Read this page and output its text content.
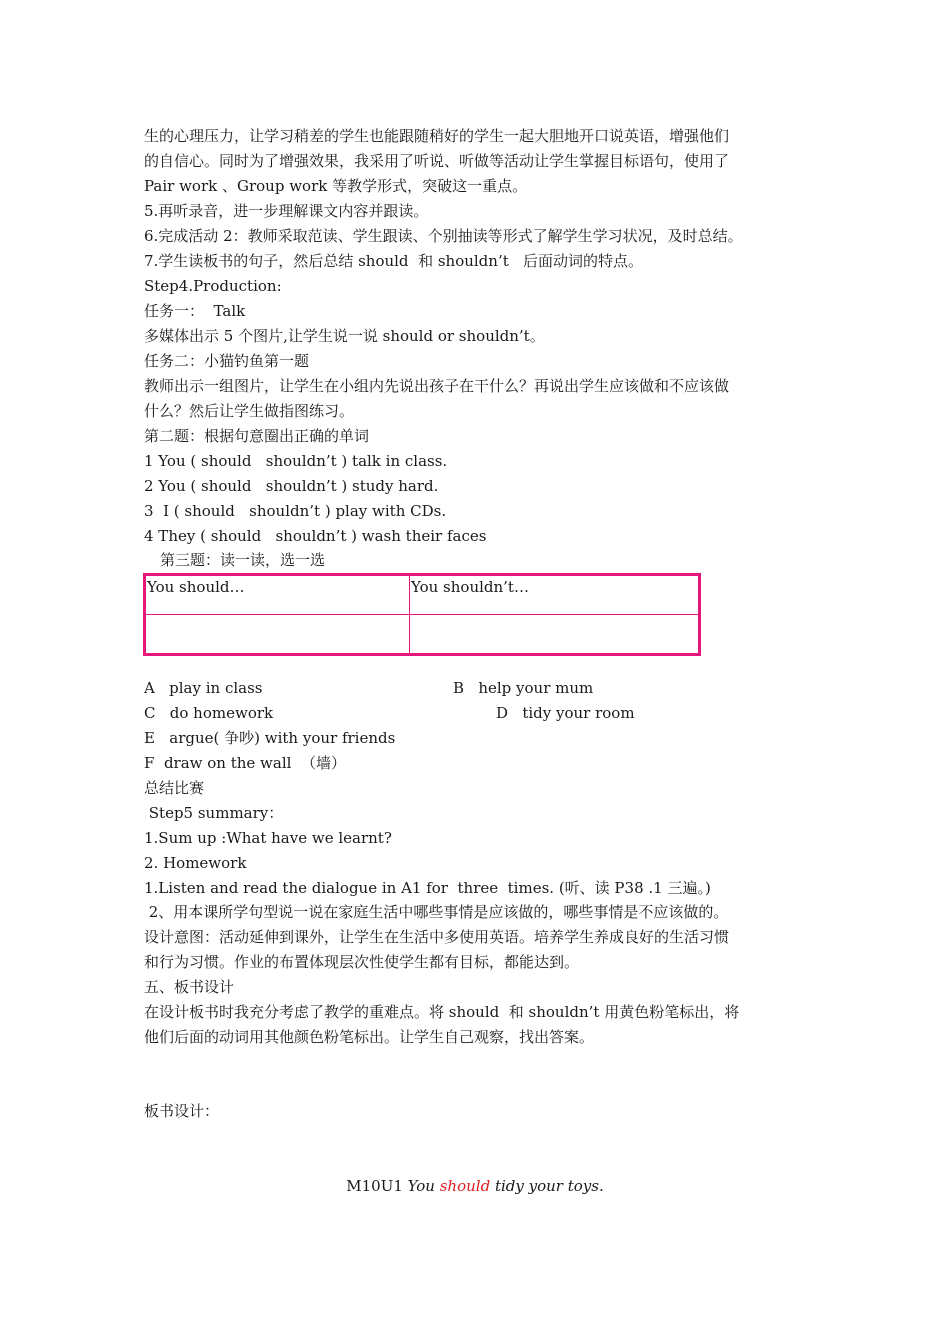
生的心理压力，让学习稍差的学生也能跟随稍好的学生一起大胆地开口说英语，增强他们

的自信心。同时为了增强效果，我采用了听说、听做等活动让学生掌握目标语句，使用了

Pair work 、Group work 等教学形式，突破这一重点。

5.再听录音，进一步理解课文内容并跟读。

6.完成活动 2：教师采取范读、学生跟读、个别抽读等形式了解学生学习状况，及时总结。

7.学生读板书的句子，然后总结 should  和 shouldn’t   后面动词的特点。

Step4.Production:

任务一：  Talk

多媒体出示 5 个图片,让学生说一说 should or shouldn’t。

任务二：小猫钓鱼第一题

教师出示一组图片，让学生在小组内先说出孩子在干什么？再说出学生应该做和不应该做

什么？然后让学生做指图练习。

第二题：根据句意圈出正确的单词

1 You ( should   shouldn’t ) talk in class.

2 You ( should   shouldn’t ) study hard.

3  I ( should   shouldn’t ) play with CDs.

4 They ( should   shouldn’t ) wash their faces

第三题：读一读，选一选

You should…	You shouldn’t…

A   play in class	B   help your mum

C   do homework	D   tidy your room

E   argue( 争吵) with your friends

F  draw on the wall  （墙）

总结比赛

Step5 summary：

1.Sum up :What have we learnt?

2. Homework

1.Listen and read the dialogue in A1 for  three  times. (听、读 P38 .1 三遍。)

2、用本课所学句型说一说在家庭生活中哪些事情是应该做的，哪些事情是不应该做的。

设计意图：活动延伸到课外，让学生在生活中多使用英语。培养学生养成良好的生活习惯

和行为习惯。作业的布置体现层次性使学生都有目标，都能达到。

五、板书设计

在设计板书时我充分考虑了教学的重难点。将 should  和 shouldn’t 用黄色粉笔标出，将

他们后面的动词用其他颜色粉笔标出。让学生自己观察，找出答案。

板书设计：

M10U1 You should tidy your toys.
